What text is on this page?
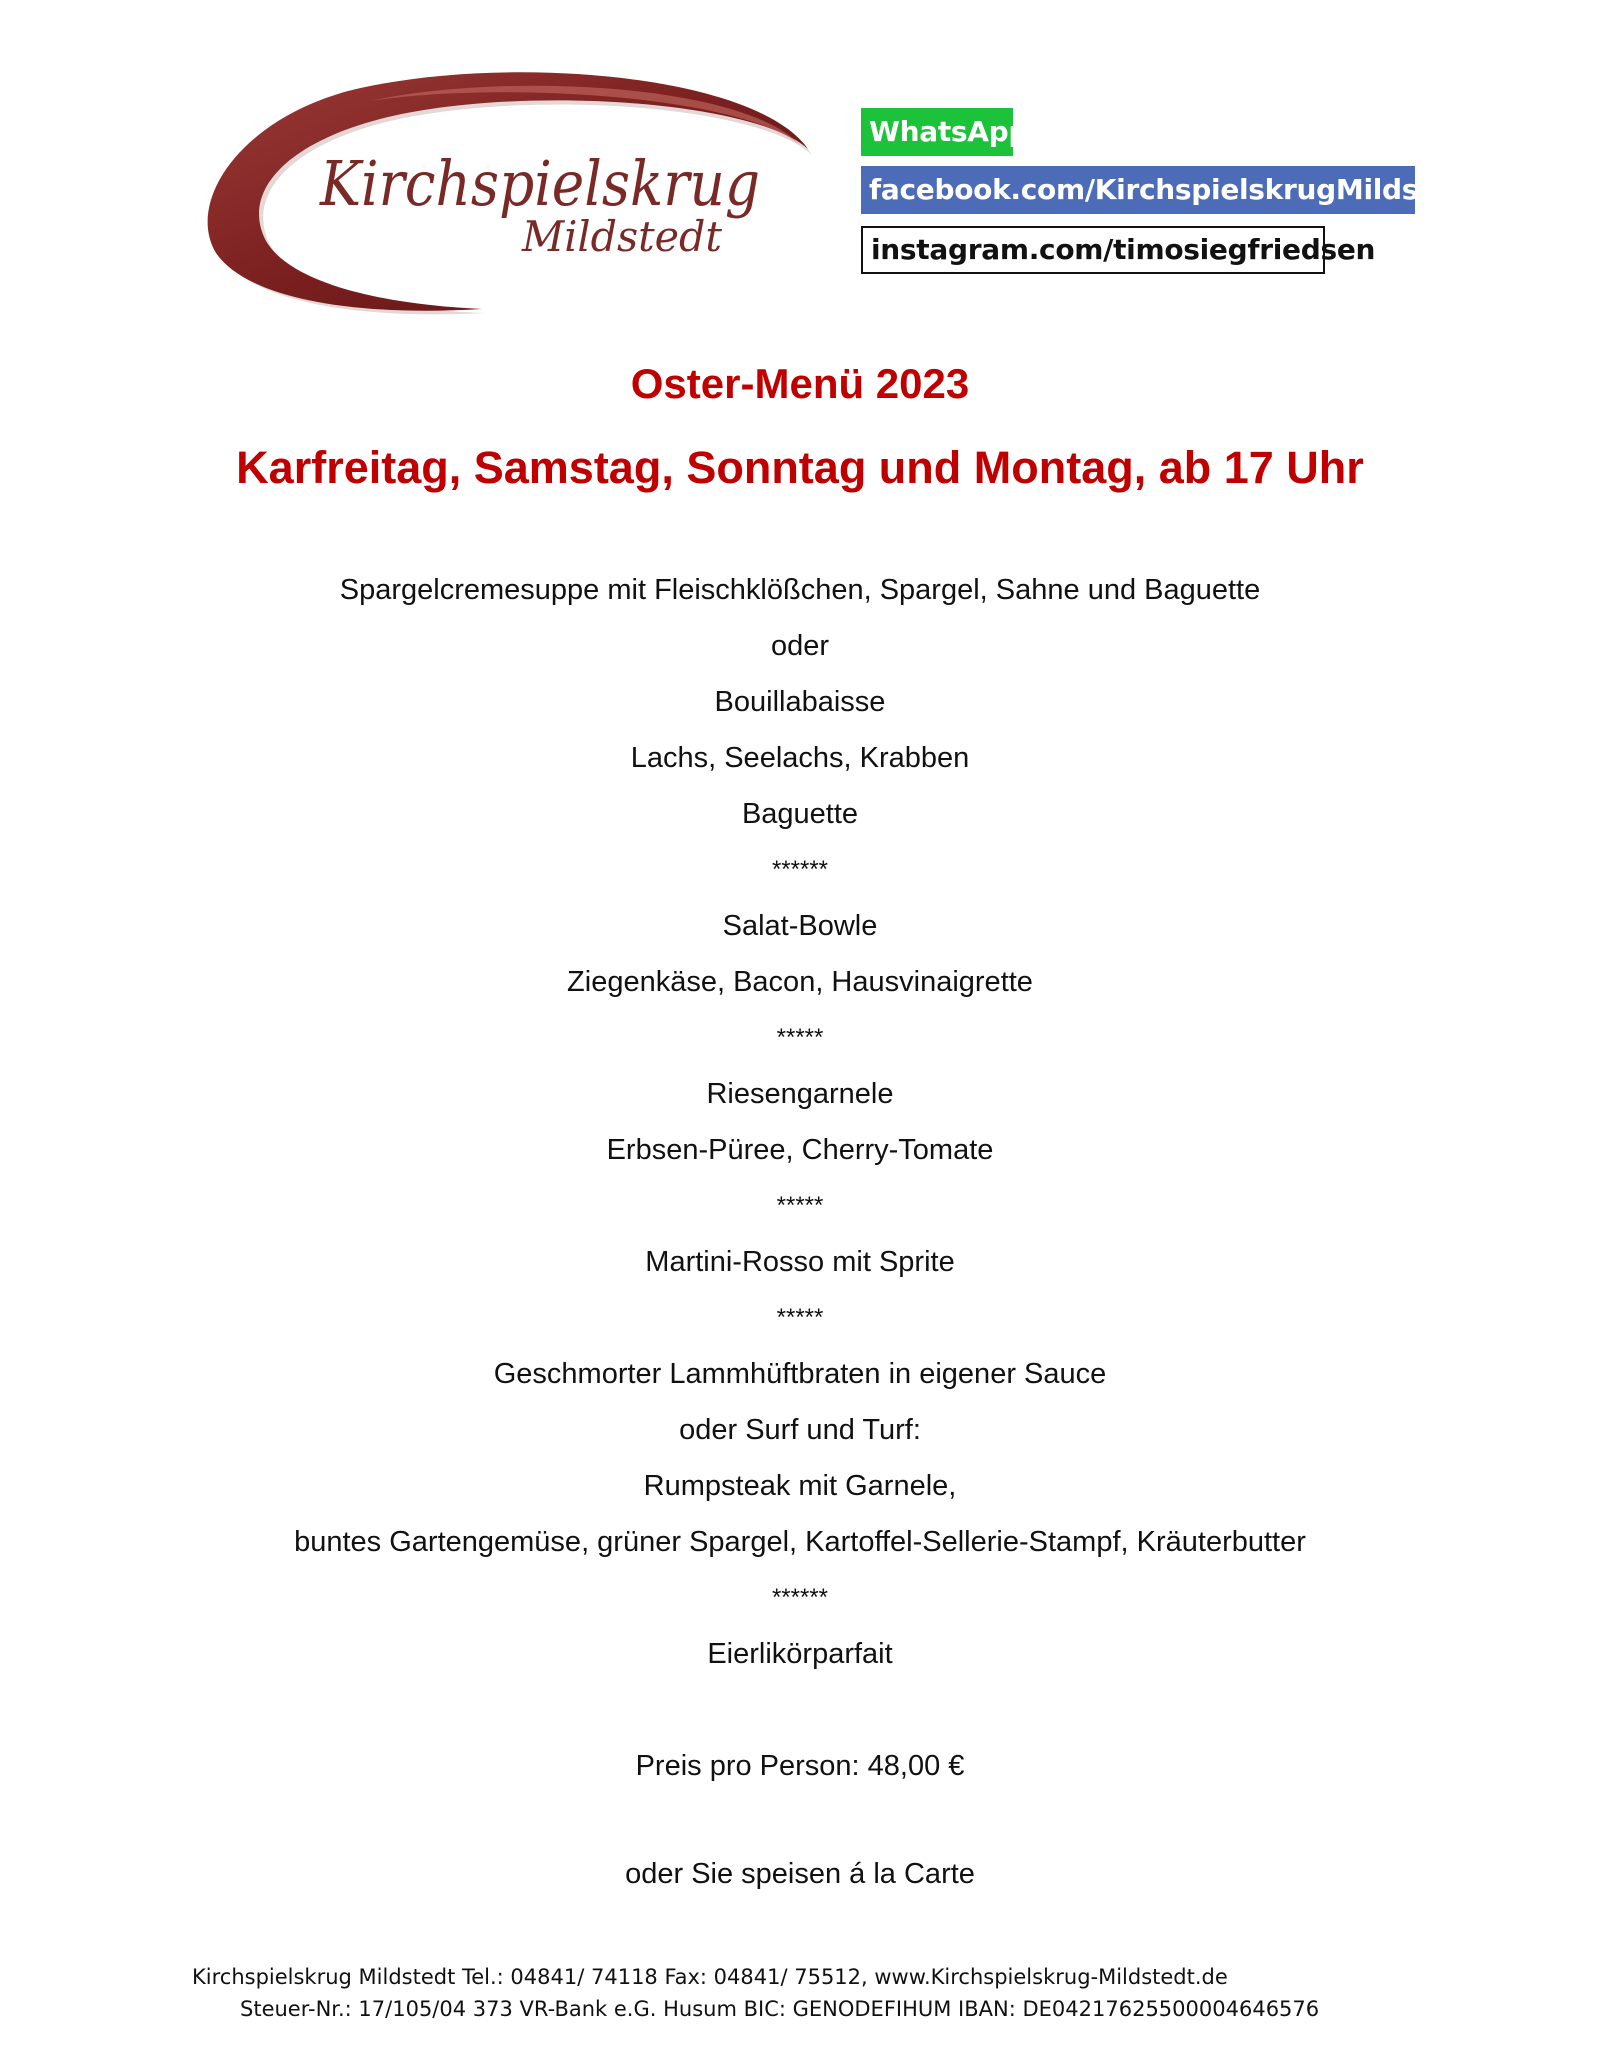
Kirchspielskrug
Mildstedt
WhatsApp
facebook.com/KirchspielskrugMildstedt
instagram.com/timosiegfriedsen
Oster-Menü 2023
Karfreitag, Samstag, Sonntag und Montag, ab 17 Uhr
Spargelcremesuppe mit Fleischklößchen, Spargel, Sahne und Baguette
oder
Bouillabaisse
Lachs, Seelachs, Krabben
Baguette
******
Salat-Bowle
Ziegenkäse, Bacon, Hausvinaigrette
*****
Riesengarnele
Erbsen-Püree, Cherry-Tomate
*****
Martini-Rosso mit Sprite
*****
Geschmorter Lammhüftbraten in eigener Sauce
oder Surf und Turf:
Rumpsteak mit Garnele,
buntes Gartengemüse, grüner Spargel, Kartoffel-Sellerie-Stampf, Kräuterbutter
******
Eierlikörparfait
Preis pro Person: 48,00 €
oder Sie speisen á la Carte
Kirchspielskrug Mildstedt Tel.: 04841/ 74118 Fax: 04841/ 75512, www.Kirchspielskrug-Mildstedt.de
Steuer-Nr.: 17/105/04 373 VR-Bank e.G. Husum BIC: GENODEFIHUM IBAN: DE04217625500004646576
